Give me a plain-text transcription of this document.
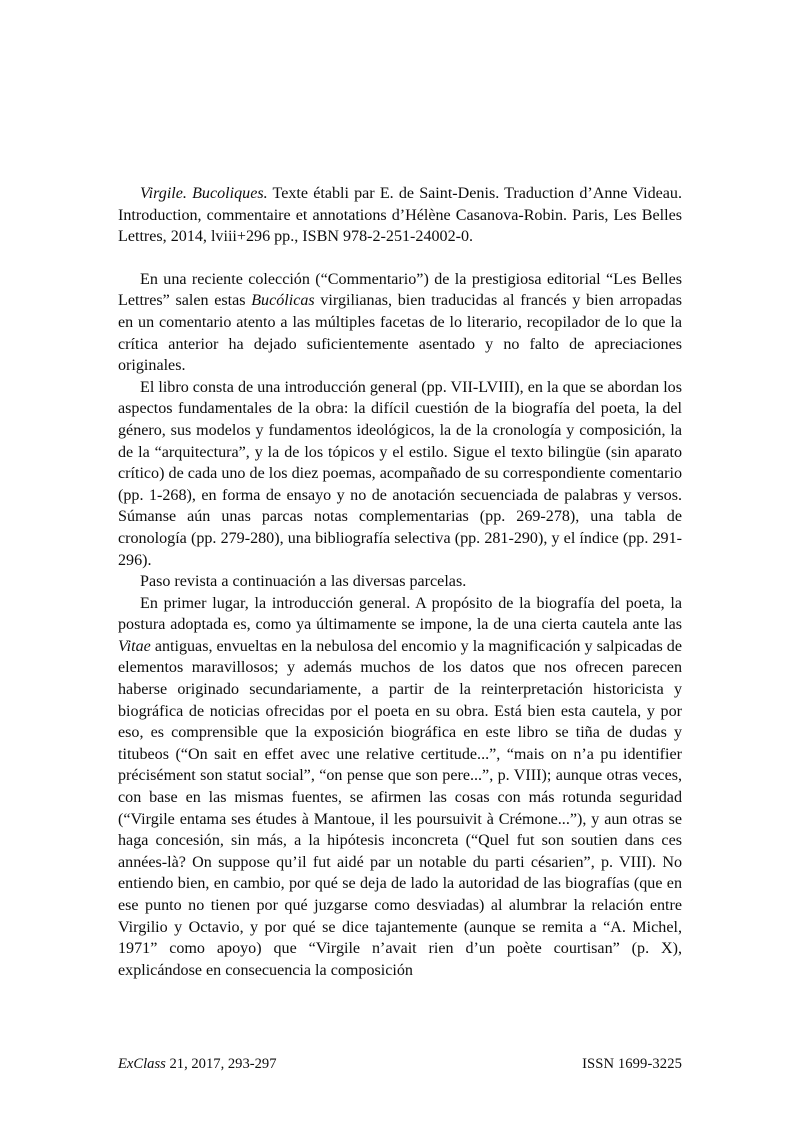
Virgile. Bucoliques. Texte établi par E. de Saint-Denis. Traduction d’Anne Videau. Introduction, commentaire et annotations d’Hélène Casanova-Robin. Paris, Les Belles Lettres, 2014, lviii+296 pp., ISBN 978-2-251-24002-0.

En una reciente colección (“Commentario”) de la prestigiosa editorial “Les Belles Lettres” salen estas Bucólicas virgilianas, bien traducidas al francés y bien arropadas en un comentario atento a las múltiples facetas de lo literario, recopilador de lo que la crítica anterior ha dejado suficientemente asentado y no falto de apreciaciones originales.

El libro consta de una introducción general (pp. VII-LVIII), en la que se abordan los aspectos fundamentales de la obra: la difícil cuestión de la biografía del poeta, la del género, sus modelos y fundamentos ideológicos, la de la cronología y composición, la de la “arquitectura”, y la de los tópicos y el estilo. Sigue el texto bilingüe (sin aparato crítico) de cada uno de los diez poemas, acompañado de su correspondiente comentario (pp. 1-268), en forma de ensayo y no de anotación secuenciada de palabras y versos. Súmanse aún unas parcas notas complementarias (pp. 269-278), una tabla de cronología (pp. 279-280), una bibliografía selectiva (pp. 281-290), y el índice (pp. 291-296).

Paso revista a continuación a las diversas parcelas.

En primer lugar, la introducción general. A propósito de la biografía del poeta, la postura adoptada es, como ya últimamente se impone, la de una cierta cautela ante las Vitae antiguas, envueltas en la nebulosa del encomio y la magnificación y salpicadas de elementos maravillosos; y además muchos de los datos que nos ofrecen parecen haberse originado secundariamente, a partir de la reinterpretación historicista y biográfica de noticias ofrecidas por el poeta en su obra. Está bien esta cautela, y por eso, es comprensible que la exposición biográfica en este libro se tiña de dudas y titubeos (“On sait en effet avec une relative certitude...”, “mais on n’a pu identifier précisément son statut social”, “on pense que son pere...”, p. VIII); aunque otras veces, con base en las mismas fuentes, se afirmen las cosas con más rotunda seguridad (“Virgile entama ses études à Mantoue, il les poursuivit à Crémone...”), y aun otras se haga concesión, sin más, a la hipótesis inconcreta (“Quel fut son soutien dans ces années-là? On suppose qu’il fut aidé par un notable du parti césarien”, p. VIII). No entiendo bien, en cambio, por qué se deja de lado la autoridad de las biografías (que en ese punto no tienen por qué juzgarse como desviadas) al alumbrar la relación entre Virgilio y Octavio, y por qué se dice tajantemente (aunque se remita a “A. Michel, 1971” como apoyo) que “Virgile n’avait rien d’un poète courtisan” (p. X), explicándose en consecuencia la composición

ExClass 21, 2017, 293-297	ISSN 1699-3225
